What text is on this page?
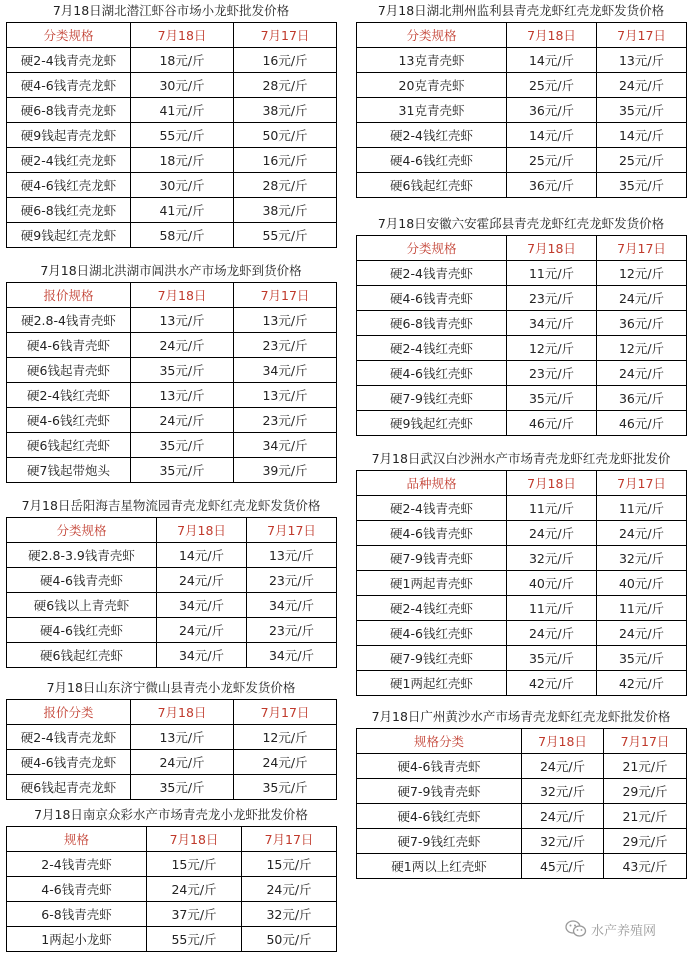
7月18日湖北潜江虾谷市场小龙虾批发价格
分类规格	7月18日	7月17日
硬2-4钱青壳龙虾	18元/斤	16元/斤
硬4-6钱青壳龙虾	30元/斤	28元/斤
硬6-8钱青壳龙虾	41元/斤	38元/斤
硬9钱起青壳龙虾	55元/斤	50元/斤
硬2-4钱红壳龙虾	18元/斤	16元/斤
硬4-6钱红壳龙虾	30元/斤	28元/斤
硬6-8钱红壳龙虾	41元/斤	38元/斤
硬9钱起红壳龙虾	58元/斤	55元/斤
7月18日湖北洪湖市阊洪水产市场龙虾到货价格
报价规格	7月18日	7月17日
硬2.8-4钱青壳虾	13元/斤	13元/斤
硬4-6钱青壳虾	24元/斤	23元/斤
硬6钱起青壳虾	35元/斤	34元/斤
硬2-4钱红壳虾	13元/斤	13元/斤
硬4-6钱红壳虾	24元/斤	23元/斤
硬6钱起红壳虾	35元/斤	34元/斤
硬7钱起带炮头	35元/斤	39元/斤
7月18日岳阳海吉星物流园青壳龙虾红壳龙虾发货价格
分类规格	7月18日	7月17日
硬2.8-3.9钱青壳虾	14元/斤	13元/斤
硬4-6钱青壳虾	24元/斤	23元/斤
硬6钱以上青壳虾	34元/斤	34元/斤
硬4-6钱红壳虾	24元/斤	23元/斤
硬6钱起红壳虾	34元/斤	34元/斤
7月18日山东济宁微山县青壳小龙虾发货价格
报价分类	7月18日	7月17日
硬2-4钱青壳龙虾	13元/斤	12元/斤
硬4-6钱青壳龙虾	24元/斤	24元/斤
硬6钱起青壳龙虾	35元/斤	35元/斤
7月18日南京众彩水产市场青壳龙小龙虾批发价格
规格	7月18日	7月17日
2-4钱青壳虾	15元/斤	15元/斤
4-6钱青壳虾	24元/斤	24元/斤
6-8钱青壳虾	37元/斤	32元/斤
1两起小龙虾	55元/斤	50元/斤
7月18日湖北荆州监利县青壳龙虾红壳龙虾发货价格
分类规格	7月18日	7月17日
13克青壳虾	14元/斤	13元/斤
20克青壳虾	25元/斤	24元/斤
31克青壳虾	36元/斤	35元/斤
硬2-4钱红壳虾	14元/斤	14元/斤
硬4-6钱红壳虾	25元/斤	25元/斤
硬6钱起红壳虾	36元/斤	35元/斤
7月18日安徽六安霍邱县青壳龙虾红壳龙虾发货价格
分类规格	7月18日	7月17日
硬2-4钱青壳虾	11元/斤	12元/斤
硬4-6钱青壳虾	23元/斤	24元/斤
硬6-8钱青壳虾	34元/斤	36元/斤
硬2-4钱红壳虾	12元/斤	12元/斤
硬4-6钱红壳虾	23元/斤	24元/斤
硬7-9钱红壳虾	35元/斤	36元/斤
硬9钱起红壳虾	46元/斤	46元/斤
7月18日武汉白沙洲水产市场青壳龙虾红壳龙虾批发价
品种规格	7月18日	7月17日
硬2-4钱青壳虾	11元/斤	11元/斤
硬4-6钱青壳虾	24元/斤	24元/斤
硬7-9钱青壳虾	32元/斤	32元/斤
硬1两起青壳虾	40元/斤	40元/斤
硬2-4钱红壳虾	11元/斤	11元/斤
硬4-6钱红壳虾	24元/斤	24元/斤
硬7-9钱红壳虾	35元/斤	35元/斤
硬1两起红壳虾	42元/斤	42元/斤
7月18日广州黄沙水产市场青壳龙虾红壳龙虾批发价格
规格分类	7月18日	7月17日
硬4-6钱青壳虾	24元/斤	21元/斤
硬7-9钱青壳虾	32元/斤	29元/斤
硬4-6钱红壳虾	24元/斤	21元/斤
硬7-9钱红壳虾	32元/斤	29元/斤
硬1两以上红壳虾	45元/斤	43元/斤
水产养殖网
